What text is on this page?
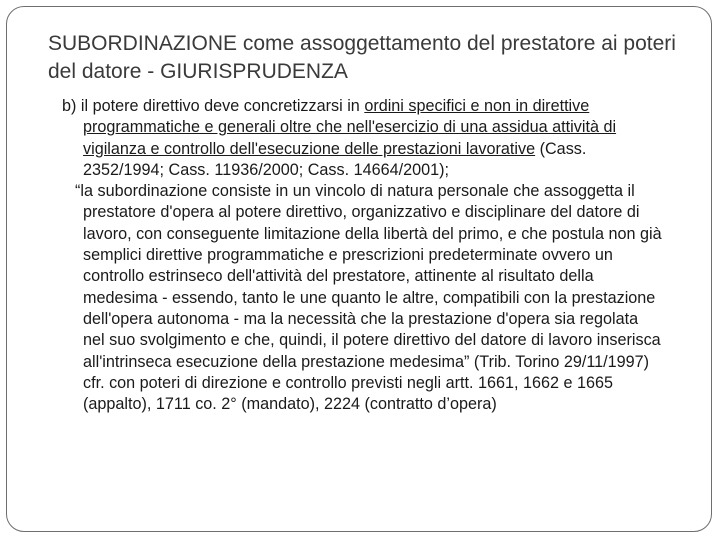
SUBORDINAZIONE come assoggettamento del prestatore ai poteri del datore - GIURISPRUDENZA

b) il potere direttivo deve concretizzarsi in ordini specifici e non in direttive programmatiche e generali oltre che nell'esercizio di una assidua attività di vigilanza e controllo dell'esecuzione delle prestazioni lavorative (Cass. 2352/1994; Cass. 11936/2000; Cass. 14664/2001);

“la subordinazione consiste in un vincolo di natura personale che assoggetta il prestatore d'opera al potere direttivo, organizzativo e disciplinare del datore di lavoro, con conseguente limitazione della libertà del primo, e che postula non già semplici direttive programmatiche e prescrizioni predeterminate ovvero un controllo estrinseco dell'attività del prestatore, attinente al risultato della medesima - essendo, tanto le une quanto le altre, compatibili con la prestazione dell'opera autonoma - ma la necessità che la prestazione d'opera sia regolata nel suo svolgimento e che, quindi, il potere direttivo del datore di lavoro inserisca all'intrinseca esecuzione della prestazione medesima” (Trib. Torino 29/11/1997) cfr. con poteri di direzione e controllo previsti negli artt. 1661, 1662 e 1665 (appalto), 1711 co. 2° (mandato), 2224 (contratto d’opera)
